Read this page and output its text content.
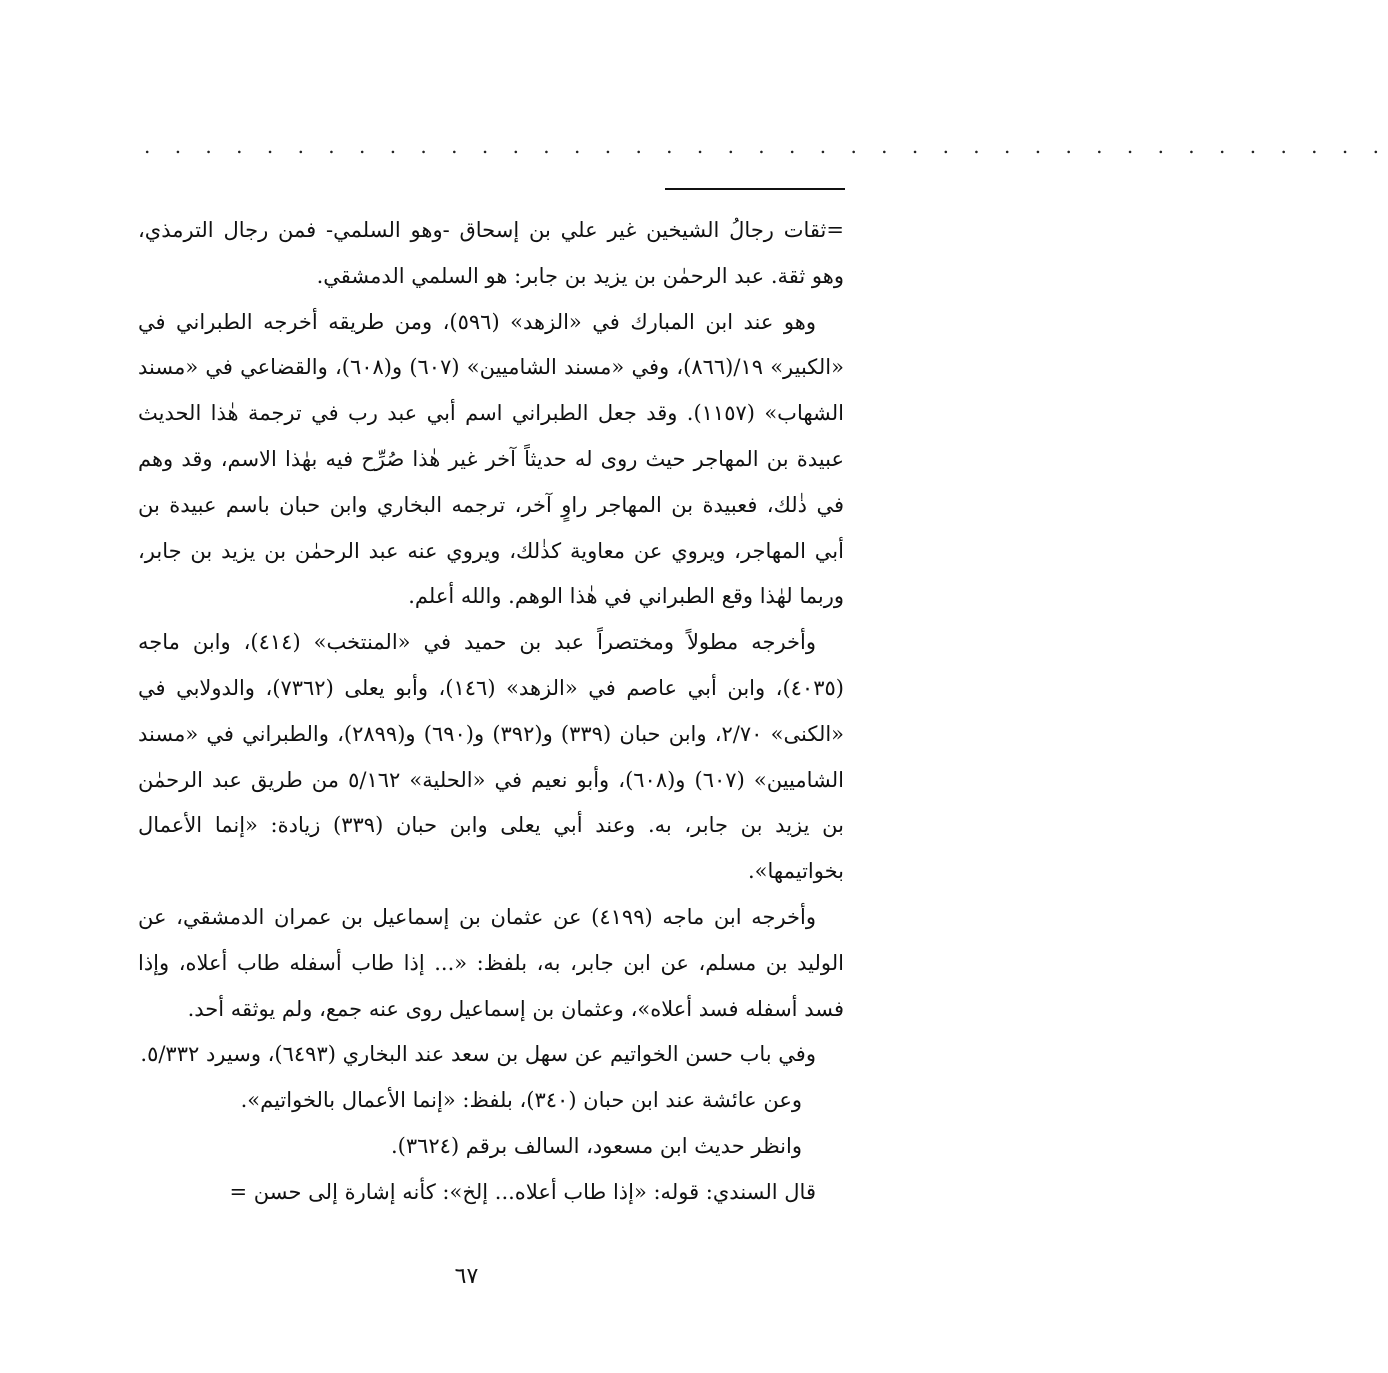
. . . . . . . . . . . . . . . . . . . . . . . . . . . . . . . . . . . . . . . . .

=ثقات رجالُ الشيخين غير علي بن إسحاق -وهو السلمي- فمن رجال الترمذي، وهو ثقة. عبد الرحمٰن بن يزيد بن جابر: هو السلمي الدمشقي.

وهو عند ابن المبارك في «الزهد» (٥٩٦)، ومن طريقه أخرجه الطبراني في «الكبير» ١٩/(٨٦٦)، وفي «مسند الشاميين» (٦٠٧) و(٦٠٨)، والقضاعي في «مسند الشهاب» (١١٥٧). وقد جعل الطبراني اسم أبي عبد رب في ترجمة هٰذا الحديث عبيدة بن المهاجر حيث روى له حديثاً آخر غير هٰذا صُرِّح فيه بهٰذا الاسم، وقد وهم في ذٰلك، فعبيدة بن المهاجر راوٍ آخر، ترجمه البخاري وابن حبان باسم عبيدة بن أبي المهاجر، ويروي عن معاوية كذٰلك، ويروي عنه عبد الرحمٰن بن يزيد بن جابر، وربما لهٰذا وقع الطبراني في هٰذا الوهم. والله أعلم.

وأخرجه مطولاً ومختصراً عبد بن حميد في «المنتخب» (٤١٤)، وابن ماجه (٤٠٣٥)، وابن أبي عاصم في «الزهد» (١٤٦)، وأبو يعلى (٧٣٦٢)، والدولابي في «الكنى» ٢/٧٠، وابن حبان (٣٣٩) و(٣٩٢) و(٦٩٠) و(٢٨٩٩)، والطبراني في «مسند الشاميين» (٦٠٧) و(٦٠٨)، وأبو نعيم في «الحلية» ٥/١٦٢ من طريق عبد الرحمٰن بن يزيد بن جابر، به. وعند أبي يعلى وابن حبان (٣٣٩) زيادة: «إنما الأعمال بخواتيمها».

وأخرجه ابن ماجه (٤١٩٩) عن عثمان بن إسماعيل بن عمران الدمشقي، عن الوليد بن مسلم، عن ابن جابر، به، بلفظ: «... إذا طاب أسفله طاب أعلاه، وإذا فسد أسفله فسد أعلاه»، وعثمان بن إسماعيل روى عنه جمع، ولم يوثقه أحد.

وفي باب حسن الخواتيم عن سهل بن سعد عند البخاري (٦٤٩٣)، وسيرد ٥/٣٣٢.

وعن عائشة عند ابن حبان (٣٤٠)، بلفظ: «إنما الأعمال بالخواتيم».

وانظر حديث ابن مسعود، السالف برقم (٣٦٢٤).

قال السندي: قوله: «إذا طاب أعلاه... إلخ»: كأنه إشارة إلى حسن =

٦٧
